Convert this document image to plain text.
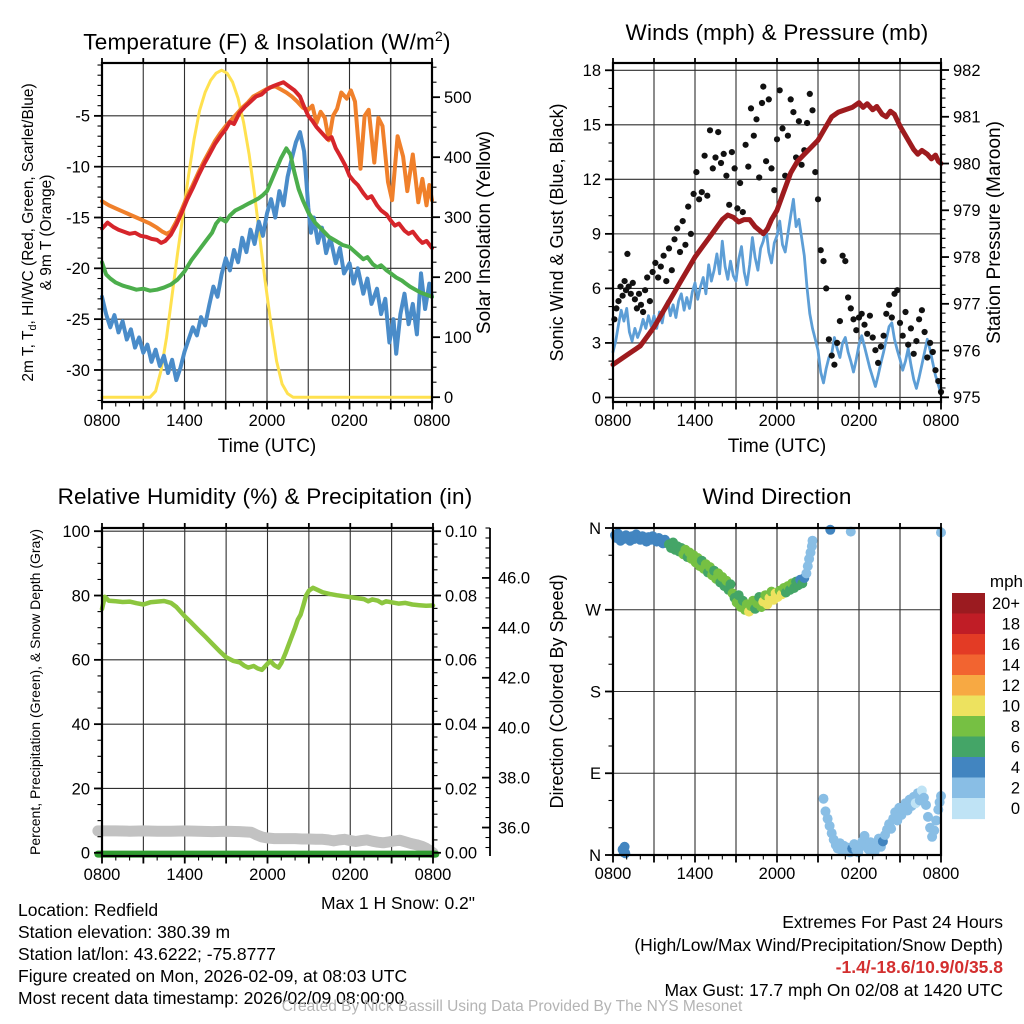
Temperature (F) & Insolation $(W/m^2)$	Winds (mph) & Pressure (mb)
Relative Humidity (%) & Precipitation (in)	Wind Direction
0800	1400	2000	0200	0800
Time (UTC)
-5
-10
-15
-20
-25
-30
0
100
200
300
400
500
2m T, Td, HI/WC (Red, Green, Scarlet/Blue) & 9m T (Orange)	Solar Insolation (Yellow)
0800	1400	2000	0200	0800
Time (UTC)
0
3
6
9
12
15
18
975
976
977
978
979
980
981
982
Sonic Wind & Gust (Blue, Black)	Station Pressure (Maroon)
0800	1400	2000	0200	0800
0
20
40
60
80
100
0.00
0.02
0.04
0.06
0.08
0.10
36.0
38.0
40.0
42.0
44.0
46.0
Percent, Precipitation (Green), & Snow Depth (Gray)
0800	1400	2000	0200	0800
N
W
S
E
N
Direction (Colored By Speed)	20+
18
16
14
12
10
8
6
4
2
0
mph
Max 1 H Snow: 0.2"
Location: Redfield
Station elevation: 380.39 m
Station lat/lon: 43.6222; -75.8777
Figure created on Mon, 2026-02-09, at 08:03 UTC
Most recent data timestamp: 2026/02/09 08:00:00
Extremes For Past 24 Hours
(High/Low/Max Wind/Precipitation/Snow Depth)
-1.4/-18.6/10.9/0/35.8
Max Gust: 17.7 mph On 02/08 at 1420 UTC
Created By Nick Bassill Using Data Provided By The NYS Mesonet
